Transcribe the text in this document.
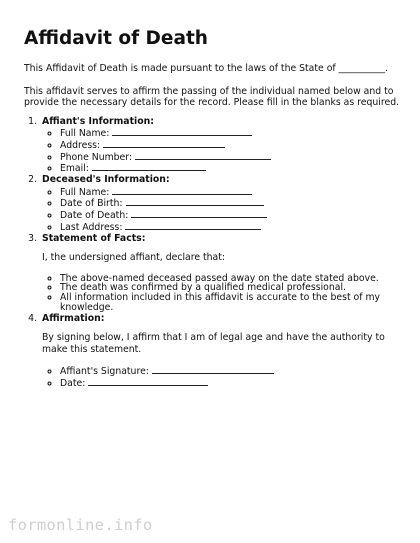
Affidavit of Death

This Affidavit of Death is made pursuant to the laws of the State of __________.

This affidavit serves to affirm the passing of the individual named below and to provide the necessary details for the record. Please fill in the blanks as required.

1. Affiant's Information:
◦ Full Name:
◦ Address:
◦ Phone Number:
◦ Email:
2. Deceased's Information:
◦ Full Name:
◦ Date of Birth:
◦ Date of Death:
◦ Last Address:
3. Statement of Facts:

I, the undersigned affiant, declare that:

◦ The above-named deceased passed away on the date stated above.
◦ The death was confirmed by a qualified medical professional.
◦ All information included in this affidavit is accurate to the best of my knowledge.
4. Affirmation:

By signing below, I affirm that I am of legal age and have the authority to make this statement.

◦ Affiant's Signature:
◦ Date:
formonline.info
